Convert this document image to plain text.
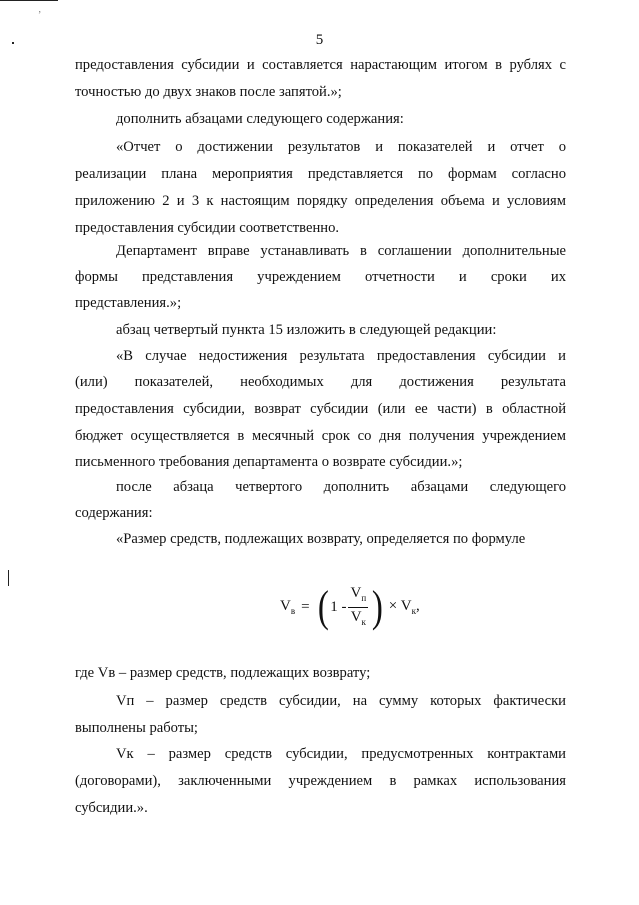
’
5
предоставления субсидии и составляется нарастающим итогом в рублях с
точностью до двух знаков после запятой.»;
дополнить абзацами следующего содержания:
«Отчет о достижении результатов и показателей и отчет о
реализации плана мероприятия представляется по формам согласно
приложению 2 и 3 к настоящим порядку определения объема и условиям
предоставления субсидии соответственно.
Департамент вправе устанавливать в соглашении дополнительные
формы представления учреждением отчетности и сроки их
представления.»;
абзац четвертый пункта 15 изложить в следующей редакции:
«В случае недостижения результата предоставления субсидии и
(или) показателей, необходимых для достижения результата
предоставления субсидии, возврат субсидии (или ее части) в областной
бюджет осуществляется в месячный срок со дня получения учреждением
письменного требования департамента о возврате субсидии.»;
после абзаца четвертого дополнить абзацами следующего
содержания:
«Размер средств, подлежащих возврату, определяется по формуле
$V_в$ = ( $1 - \frac{V_п}{V_к}$ ) × $V_к$,
где Vв – размер средств, подлежащих возврату;
Vп – размер средств субсидии, на сумму которых фактически
выполнены работы;
Vк – размер средств субсидии, предусмотренных контрактами
(договорами), заключенными учреждением в рамках использования
субсидии.».
